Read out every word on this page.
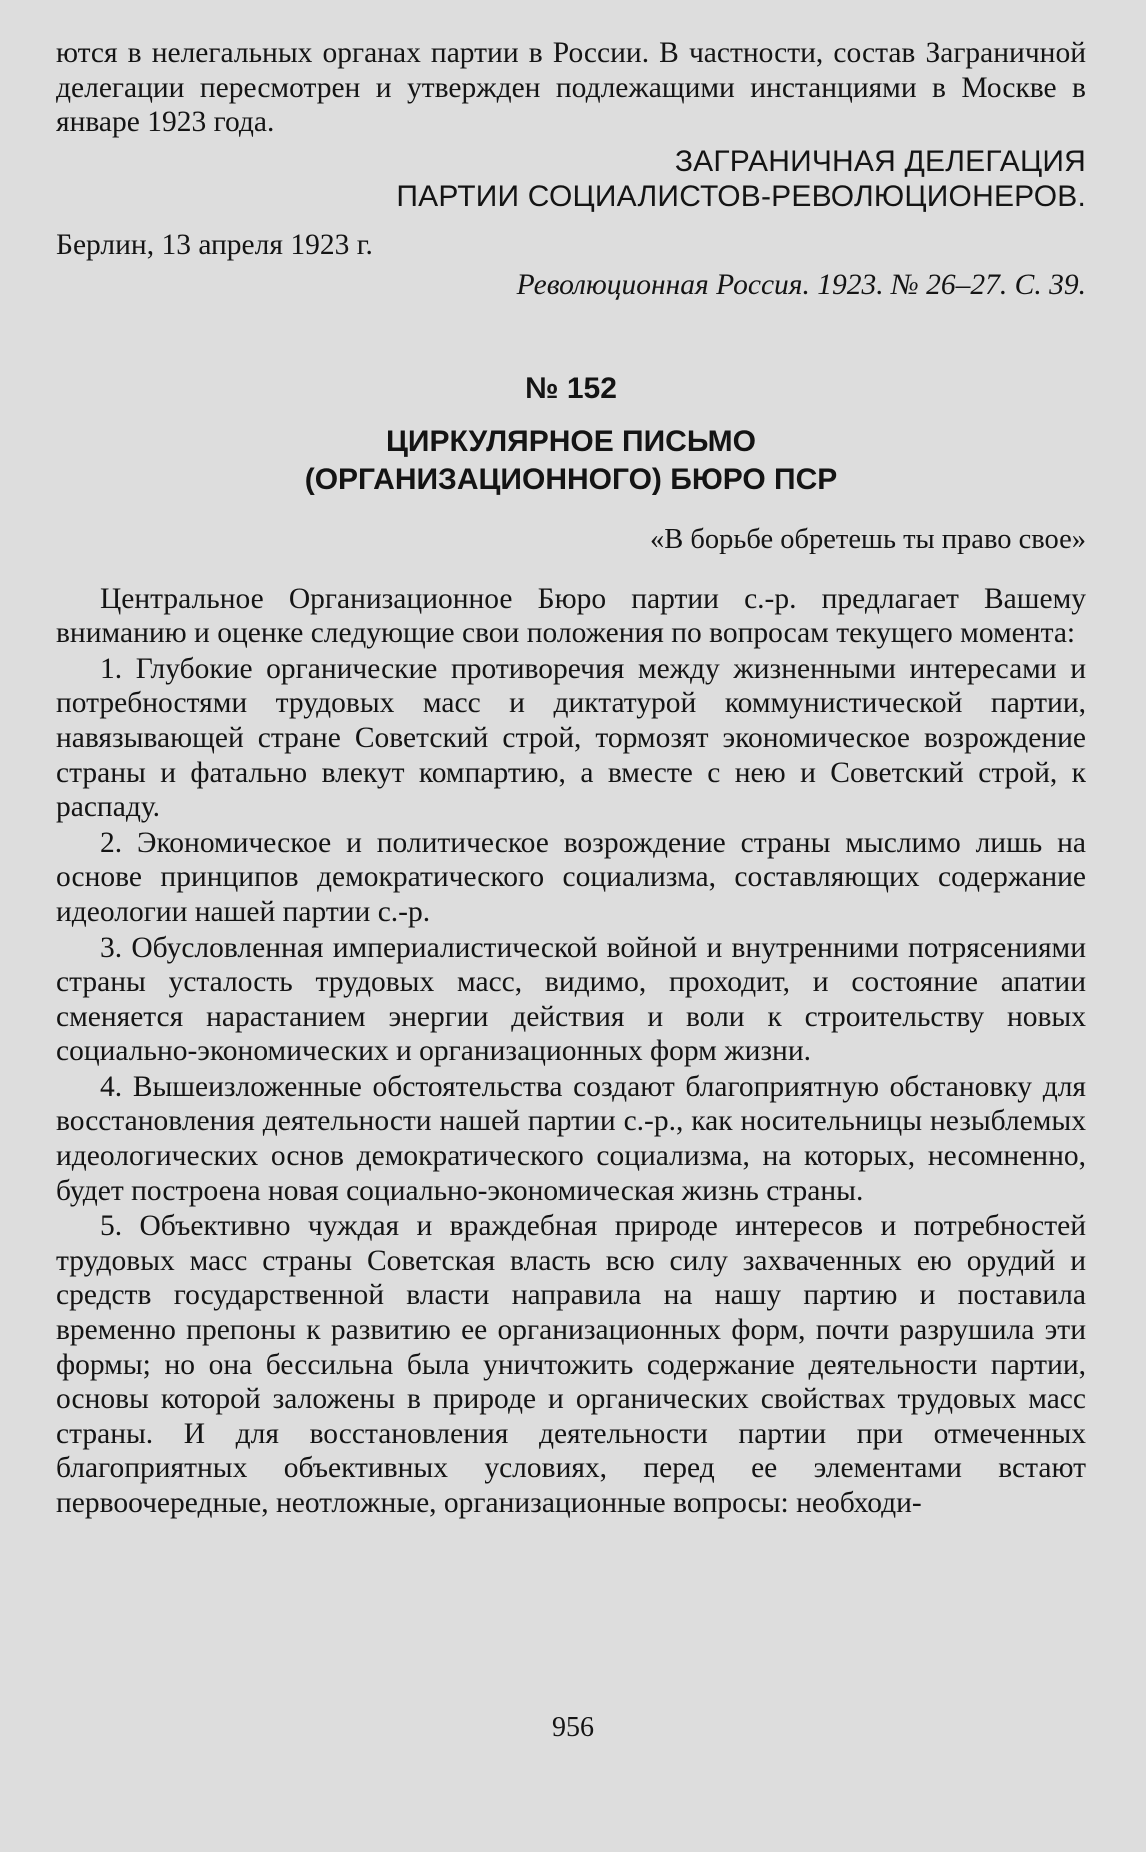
ются в нелегальных органах партии в России. В частности, состав Заграничной делегации пересмотрен и утвержден подлежащими инстанциями в Москве в январе 1923 года.

ЗАГРАНИЧНАЯ ДЕЛЕГАЦИЯ
ПАРТИИ СОЦИАЛИСТОВ-РЕВОЛЮЦИОНЕРОВ.

Берлин, 13 апреля 1923 г.

Революционная Россия. 1923. № 26–27. С. 39.

№ 152
ЦИРКУЛЯРНОЕ ПИСЬМО
(ОРГАНИЗАЦИОННОГО) БЮРО ПСР

«В борьбе обретешь ты право свое»

Центральное Организационное Бюро партии с.-р. предлагает Вашему вниманию и оценке следующие свои положения по вопросам текущего момента:

1. Глубокие органические противоречия между жизненными интересами и потребностями трудовых масс и диктатурой коммунистической партии, навязывающей стране Советский строй, тормозят экономическое возрождение страны и фатально влекут компартию, а вместе с нею и Советский строй, к распаду.

2. Экономическое и политическое возрождение страны мыслимо лишь на основе принципов демократического социализма, составляющих содержание идеологии нашей партии с.-р.

3. Обусловленная империалистической войной и внутренними потрясениями страны усталость трудовых масс, видимо, проходит, и состояние апатии сменяется нарастанием энергии действия и воли к строительству новых социально-экономических и организационных форм жизни.

4. Вышеизложенные обстоятельства создают благоприятную обстановку для восстановления деятельности нашей партии с.-р., как носительницы незыблемых идеологических основ демократического социализма, на которых, несомненно, будет построена новая социально-экономическая жизнь страны.

5. Объективно чуждая и враждебная природе интересов и потребностей трудовых масс страны Советская власть всю силу захваченных ею орудий и средств государственной власти направила на нашу партию и поставила временно препоны к развитию ее организационных форм, почти разрушила эти формы; но она бессильна была уничтожить содержание деятельности партии, основы которой заложены в природе и органических свойствах трудовых масс страны. И для восстановления деятельности партии при отмеченных благоприятных объективных условиях, перед ее элементами встают первоочередные, неотложные, организационные вопросы: необходи-

956
